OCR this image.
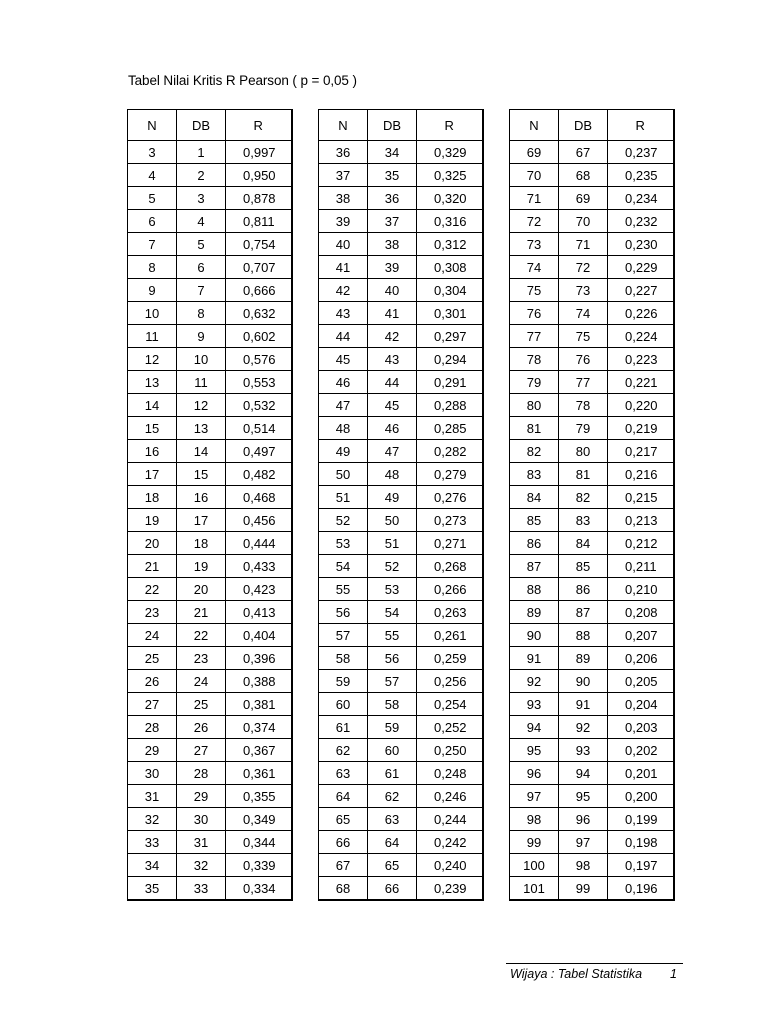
Tabel Nilai Kritis R Pearson ( p = 0,05 )
N	DB	R
3	1	0,997
4	2	0,950
5	3	0,878
6	4	0,811
7	5	0,754
8	6	0,707
9	7	0,666
10	8	0,632
11	9	0,602
12	10	0,576
13	11	0,553
14	12	0,532
15	13	0,514
16	14	0,497
17	15	0,482
18	16	0,468
19	17	0,456
20	18	0,444
21	19	0,433
22	20	0,423
23	21	0,413
24	22	0,404
25	23	0,396
26	24	0,388
27	25	0,381
28	26	0,374
29	27	0,367
30	28	0,361
31	29	0,355
32	30	0,349
33	31	0,344
34	32	0,339
35	33	0,334
N	DB	R
36	34	0,329
37	35	0,325
38	36	0,320
39	37	0,316
40	38	0,312
41	39	0,308
42	40	0,304
43	41	0,301
44	42	0,297
45	43	0,294
46	44	0,291
47	45	0,288
48	46	0,285
49	47	0,282
50	48	0,279
51	49	0,276
52	50	0,273
53	51	0,271
54	52	0,268
55	53	0,266
56	54	0,263
57	55	0,261
58	56	0,259
59	57	0,256
60	58	0,254
61	59	0,252
62	60	0,250
63	61	0,248
64	62	0,246
65	63	0,244
66	64	0,242
67	65	0,240
68	66	0,239
N	DB	R
69	67	0,237
70	68	0,235
71	69	0,234
72	70	0,232
73	71	0,230
74	72	0,229
75	73	0,227
76	74	0,226
77	75	0,224
78	76	0,223
79	77	0,221
80	78	0,220
81	79	0,219
82	80	0,217
83	81	0,216
84	82	0,215
85	83	0,213
86	84	0,212
87	85	0,211
88	86	0,210
89	87	0,208
90	88	0,207
91	89	0,206
92	90	0,205
93	91	0,204
94	92	0,203
95	93	0,202
96	94	0,201
97	95	0,200
98	96	0,199
99	97	0,198
100	98	0,197
101	99	0,196
Wijaya : Tabel Statistika 1
